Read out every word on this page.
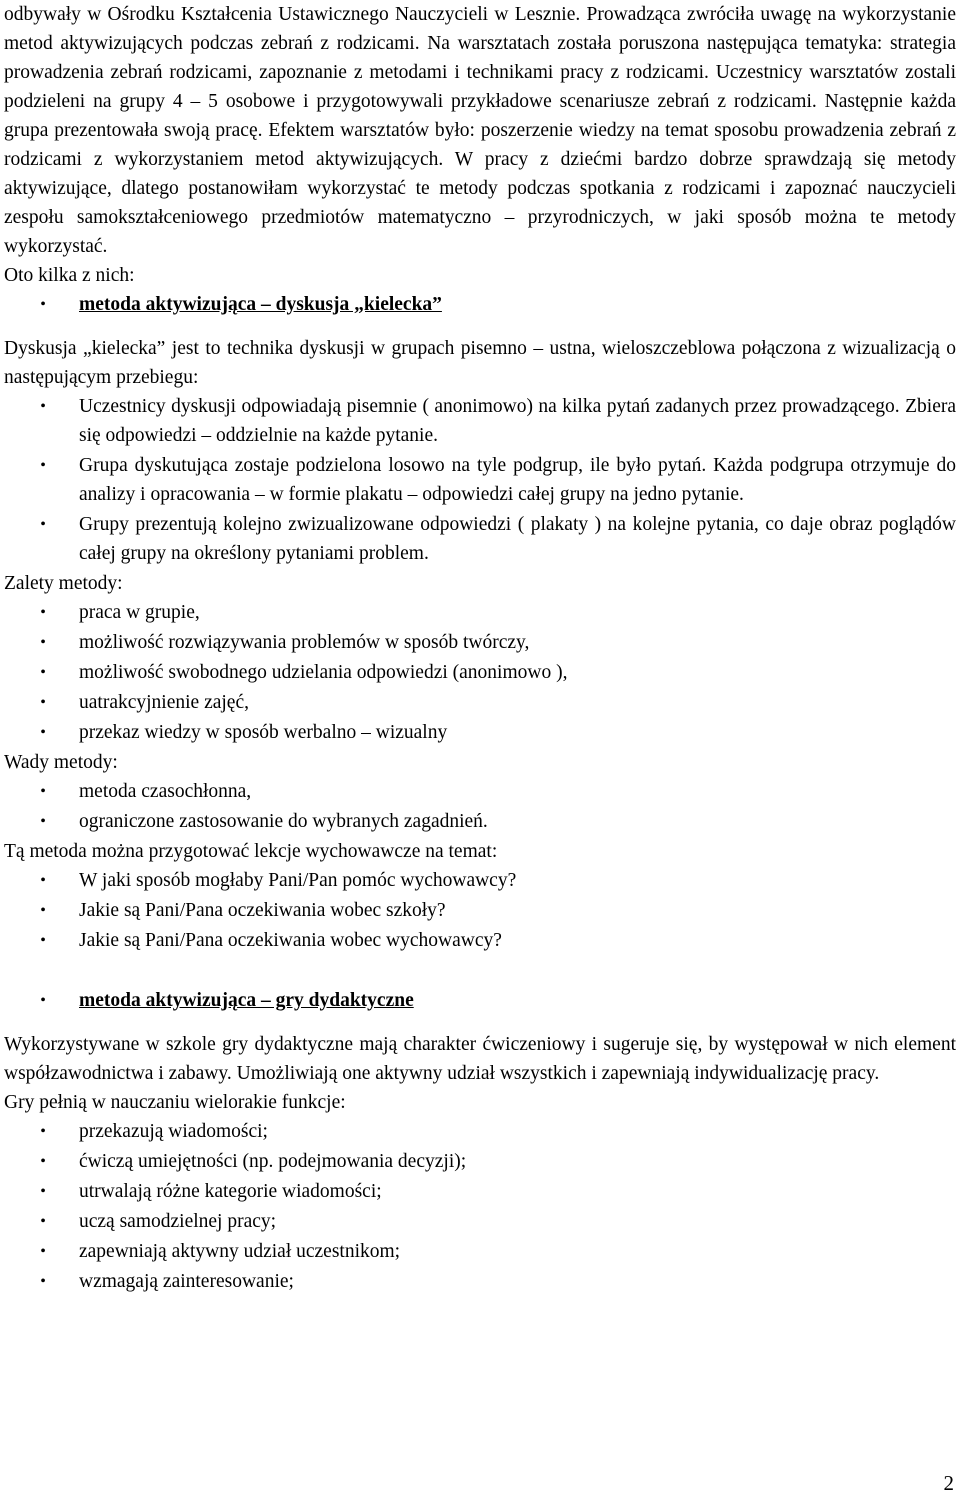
odbywały w Ośrodku Kształcenia Ustawicznego Nauczycieli w Lesznie. Prowadząca zwróciła uwagę na wykorzystanie metod aktywizujących podczas zebrań z rodzicami. Na warsztatach została poruszona następująca tematyka: strategia prowadzenia zebrań rodzicami, zapoznanie z metodami i technikami pracy z rodzicami. Uczestnicy warsztatów zostali podzieleni na grupy 4 – 5 osobowe i przygotowywali przykładowe scenariusze zebrań z rodzicami. Następnie każda grupa prezentowała swoją pracę. Efektem warsztatów było: poszerzenie wiedzy na temat sposobu prowadzenia zebrań z rodzicami z wykorzystaniem metod aktywizujących. W pracy z dziećmi bardzo dobrze sprawdzają się metody aktywizujące, dlatego postanowiłam wykorzystać te metody podczas spotkania z rodzicami i zapoznać nauczycieli zespołu samokształceniowego przedmiotów matematyczno – przyrodniczych, w jaki sposób można te metody wykorzystać.

Oto kilka z nich:

• metoda aktywizująca – dyskusja „kielecka”

Dyskusja „kielecka” jest to technika dyskusji w grupach pisemno – ustna, wieloszczeblowa połączona z wizualizacją o następującym przebiegu:

• Uczestnicy dyskusji odpowiadają pisemnie ( anonimowo) na kilka pytań zadanych przez prowadzącego. Zbiera się odpowiedzi – oddzielnie na każde pytanie.
• Grupa dyskutująca zostaje podzielona losowo na tyle podgrup, ile było pytań. Każda podgrupa otrzymuje do analizy i opracowania – w formie plakatu – odpowiedzi całej grupy na jedno pytanie.
• Grupy prezentują kolejno zwizualizowane odpowiedzi ( plakaty ) na kolejne pytania, co daje obraz poglądów całej grupy na określony pytaniami problem.

Zalety metody:

• praca w grupie,
• możliwość rozwiązywania problemów w sposób twórczy,
• możliwość swobodnego udzielania odpowiedzi (anonimowo ),
• uatrakcyjnienie zajęć,
• przekaz wiedzy w sposób werbalno – wizualny

Wady metody:

• metoda czasochłonna,
• ograniczone zastosowanie do wybranych zagadnień.

Tą metoda można przygotować lekcje wychowawcze na temat:

• W jaki sposób mogłaby Pani/Pan pomóc wychowawcy?
• Jakie są Pani/Pana oczekiwania wobec szkoły?
• Jakie są Pani/Pana oczekiwania wobec wychowawcy?
• metoda aktywizująca – gry dydaktyczne

Wykorzystywane w szkole gry dydaktyczne mają charakter ćwiczeniowy i sugeruje się, by występował w nich element współzawodnictwa i zabawy. Umożliwiają one aktywny udział wszystkich i zapewniają indywidualizację pracy.

Gry pełnią w nauczaniu wielorakie funkcje:

• przekazują wiadomości;
• ćwiczą umiejętności (np. podejmowania decyzji);
• utrwalają różne kategorie wiadomości;
• uczą samodzielnej pracy;
• zapewniają aktywny udział uczestnikom;
• wzmagają zainteresowanie;
2
